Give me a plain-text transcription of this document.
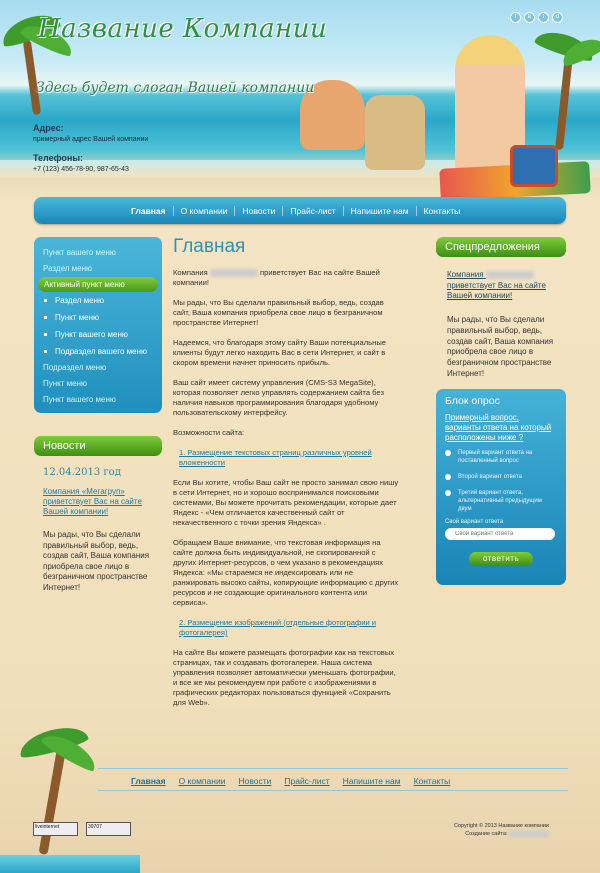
Название Компании
Здесь будет слоган Вашей компании
Адрес:
примерный адрес Вашей компании
Телефоны:
+7 (123) 456-78-90, 987-65-43
f	в	t	o
Главная	О компании	Новости	Прайс-лист	Напишите нам	Контакты
Пункт вашего меню
Раздел меню
Активный пункт меню
Раздел меню
Пункт меню
Пункт вашего меню
Подраздел вашего меню
Подраздел меню
Пункт меню
Пункт вашего меню
Новости
12.04.2013 год
Компания «Мегагруп» приветствует Вас на сайте Вашей компании!
Мы рады, что Вы сделали правильный выбор, ведь, создав сайт, Ваша компания приобрела свое лицо в безграничном пространстве Интернет!
Главная

Компания	приветствует Вас на сайте Вашей компании!

Мы рады, что Вы сделали правильный выбор, ведь, создав сайт, Ваша компания приобрела свое лицо в безграничном пространстве Интернет!

Надеемся, что благодаря этому сайту Ваши потенциальные клиенты будут легко находить Вас в сети Интернет, и сайт в скором времени начнет приносить прибыль.

Ваш сайт имеет систему управления (CMS-S3 MegaSite), которая позволяет легко управлять содержанием сайта без наличия навыков программирования благодаря удобному пользовательскому интерфейсу.

Возможности сайта:

1. Размещение текстовых страниц различных уровней вложенности

Если Вы хотите, чтобы Ваш сайт не просто занимал свою нишу в сети Интернет, но и хорошо воспринимался поисковыми системами, Вы можете прочитать рекомендации, которые дает Яндекс - «Чем отличается качественный сайт от некачественного с точки зрения Яндекса» .

Обращаем Ваше внимание, что текстовая информация на сайте должна быть индивидуальной, не скопированной с других Интернет-ресурсов, о чем указано в рекомендациях Яндекса: «Мы стараемся не индексировать или не ранжировать высоко сайты, копирующие информацию с других ресурсов и не создающие оригинального контента или сервиса».

2. Размещение изображений (отдельные фотографии и фотогалерея)

На сайте Вы можете размещать фотографии как на текстовых страницах, так и создавать фотогалереи. Наша система управления позволяет автоматически уменьшать фотографии, и все же мы рекомендуем при работе с изображениями в графических редакторах пользоваться функцией «Сохранить для Web».

Спецпредложения
Компания  приветствует Вас на сайте Вашей компании!
Мы рады, что Вы сделали правильный выбор, ведь, создав сайт, Ваша компания приобрела свое лицо в безграничном пространстве Интернет!
Блок опрос
Примерный вопрос, варианты ответа на который расположены ниже ?
Первый вариант ответа на поставленный вопрос
Второй вариант ответа
Третий вариант ответа, альтернативный предыдущим двум
Свой вариант ответа
Свой вариант ответа
ответить
Главная О компании Новости Прайс-лист Напишите нам Контакты
liveinternet	39707	Copyright © 2013 Название компании
Создание сайта:
